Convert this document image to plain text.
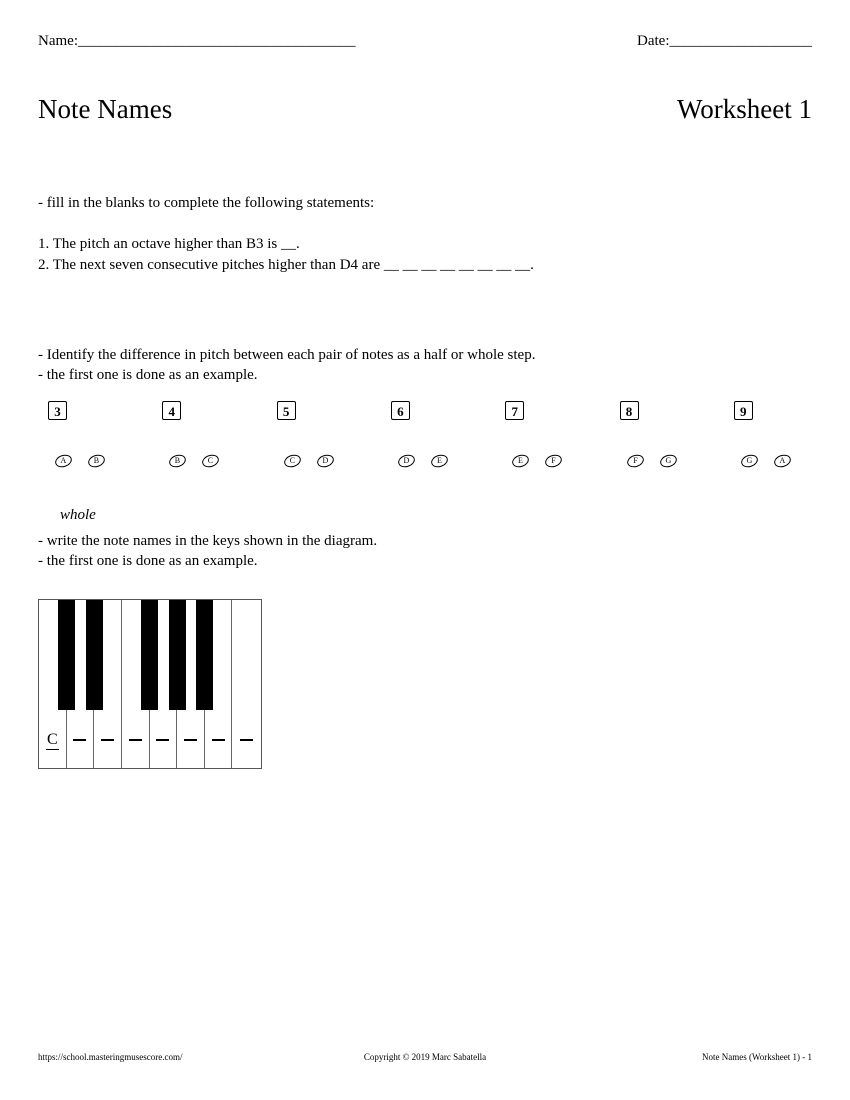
Name:_____________________________________	Date:___________________
Note Names	Worksheet 1
- fill in the blanks to complete the following statements:
1. The pitch an octave higher than B3 is __.
2. The next seven consecutive pitches higher than D4 are __ __ __ __ __ __ __ __.
- Identify the difference in pitch between each pair of notes as a half or whole step.
- the first one is done as an example.
3
A	B
4
B	C
5
C	D
6
D	E
7
E	F
8
F	G
9
G	A
whole
- write the note names in the keys shown in the diagram.
- the first one is done as an example.
C
https://school.masteringmusescore.com/	Copyright © 2019 Marc Sabatella	Note Names (Worksheet 1) - 1
